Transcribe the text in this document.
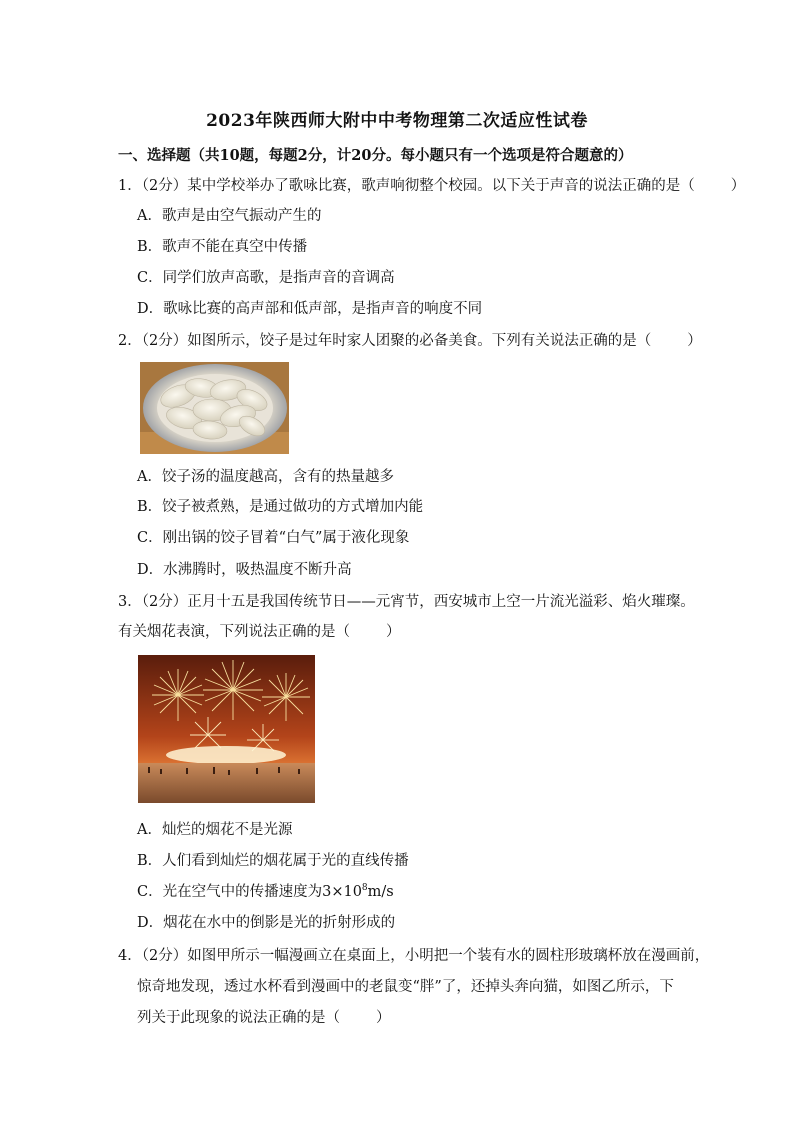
2023年陕西师大附中中考物理第二次适应性试卷
一、选择题（共10题，每题2分，计20分。每小题只有一个选项是符合题意的）
1．（2分）某中学校举办了歌咏比赛，歌声响彻整个校园。以下关于声音的说法正确的是（ ）
A．歌声是由空气振动产生的
B．歌声不能在真空中传播
C．同学们放声高歌，是指声音的音调高
D．歌咏比赛的高声部和低声部，是指声音的响度不同
2．（2分）如图所示，饺子是过年时家人团聚的必备美食。下列有关说法正确的是（ ）
A．饺子汤的温度越高，含有的热量越多
B．饺子被煮熟，是通过做功的方式增加内能
C．刚出锅的饺子冒着“白气”属于液化现象
D．水沸腾时，吸热温度不断升高
3．（2分）正月十五是我国传统节日——元宵节，西安城市上空一片流光溢彩、焰火璀璨。
有关烟花表演，下列说法正确的是（ ）
A．灿烂的烟花不是光源
B．人们看到灿烂的烟花属于光的直线传播
C．光在空气中的传播速度为$3\times 10^8m/s$
D．烟花在水中的倒影是光的折射形成的
4．（2分）如图甲所示一幅漫画立在桌面上，小明把一个装有水的圆柱形玻璃杯放在漫画前，
惊奇地发现，透过水杯看到漫画中的老鼠变“胖”了，还掉头奔向猫，如图乙所示，下
列关于此现象的说法正确的是（ ）
